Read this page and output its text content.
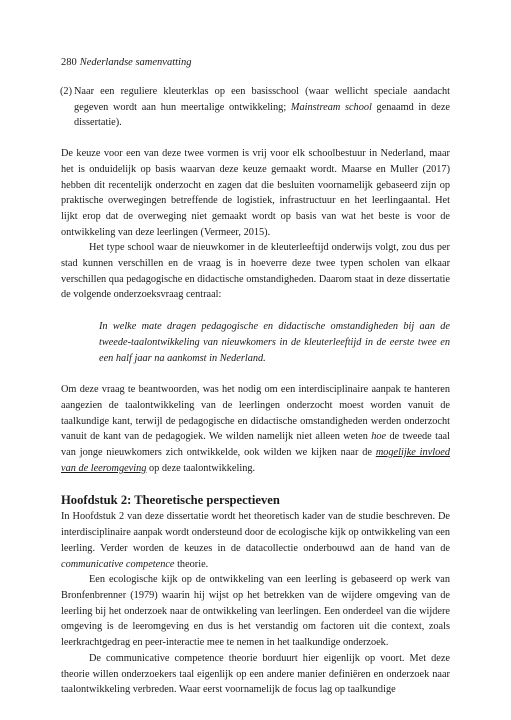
280 Nederlandse samenvatting

(2) Naar een reguliere kleuterklas op een basisschool (waar wellicht speciale aandacht gegeven wordt aan hun meertalige ontwikkeling; Mainstream school genaamd in deze dissertatie).

De keuze voor een van deze twee vormen is vrij voor elk schoolbestuur in Nederland, maar het is onduidelijk op basis waarvan deze keuze gemaakt wordt. Maarse en Muller (2017) hebben dit recentelijk onderzocht en zagen dat die besluiten voornamelijk gebaseerd zijn op praktische overwegingen betreffende de logistiek, infrastructuur en het leerlingaantal. Het lijkt erop dat de overweging niet gemaakt wordt op basis van wat het beste is voor de ontwikkeling van deze leerlingen (Vermeer, 2015).

Het type school waar de nieuwkomer in de kleuterleeftijd onderwijs volgt, zou dus per stad kunnen verschillen en de vraag is in hoeverre deze twee typen scholen van elkaar verschillen qua pedagogische en didactische omstandigheden. Daarom staat in deze dissertatie de volgende onderzoeksvraag centraal:

In welke mate dragen pedagogische en didactische omstandigheden bij aan de tweede-taalontwikkeling van nieuwkomers in de kleuterleeftijd in de eerste twee en een half jaar na aankomst in Nederland.

Om deze vraag te beantwoorden, was het nodig om een interdisciplinaire aanpak te hanteren aangezien de taalontwikkeling van de leerlingen onderzocht moest worden vanuit de taalkundige kant, terwijl de pedagogische en didactische omstandigheden werden onderzocht vanuit de kant van de pedagogiek. We wilden namelijk niet alleen weten hoe de tweede taal van jonge nieuwkomers zich ontwikkelde, ook wilden we kijken naar de mogelijke invloed van de leeromgeving op deze taalontwikkeling.

Hoofdstuk 2: Theoretische perspectieven

In Hoofdstuk 2 van deze dissertatie wordt het theoretisch kader van de studie beschreven. De interdisciplinaire aanpak wordt ondersteund door de ecologische kijk op ontwikkeling van een leerling. Verder worden de keuzes in de datacollectie onderbouwd aan de hand van de communicative competence theorie.

Een ecologische kijk op de ontwikkeling van een leerling is gebaseerd op werk van Bronfenbrenner (1979) waarin hij wijst op het betrekken van de wijdere omgeving van de leerling bij het onderzoek naar de ontwikkeling van leerlingen. Een onderdeel van die wijdere omgeving is de leeromgeving en dus is het verstandig om factoren uit die context, zoals leerkrachtgedrag en peer-interactie mee te nemen in het taalkundige onderzoek.

De communicative competence theorie borduurt hier eigenlijk op voort. Met deze theorie willen onderzoekers taal eigenlijk op een andere manier definiëren en onderzoek naar taalontwikkeling verbreden. Waar eerst voornamelijk de focus lag op taalkundige
